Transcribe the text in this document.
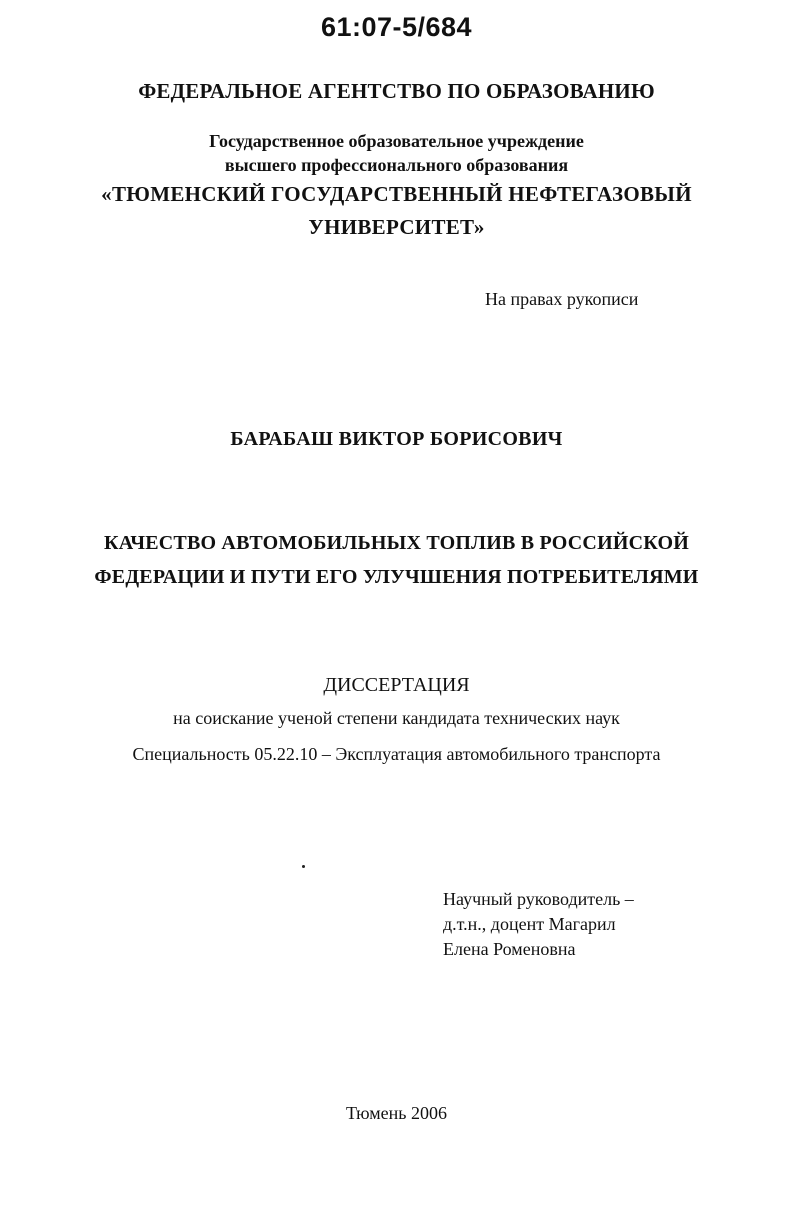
61:07-5/684
ФЕДЕРАЛЬНОЕ АГЕНТСТВО ПО ОБРАЗОВАНИЮ
Государственное образовательное учреждение
высшего профессионального образования
«ТЮМЕНСКИЙ ГОСУДАРСТВЕННЫЙ НЕФТЕГАЗОВЫЙ
УНИВЕРСИТЕТ»
На правах рукописи
БАРАБАШ ВИКТОР БОРИСОВИЧ
КАЧЕСТВО АВТОМОБИЛЬНЫХ ТОПЛИВ В РОССИЙСКОЙ
ФЕДЕРАЦИИ И ПУТИ ЕГО УЛУЧШЕНИЯ ПОТРЕБИТЕЛЯМИ
ДИССЕРТАЦИЯ
на соискание ученой степени кандидата технических наук
Специальность 05.22.10 – Эксплуатация автомобильного транспорта
Научный руководитель –
д.т.н., доцент Магарил
Елена Роменовна
Тюмень 2006
